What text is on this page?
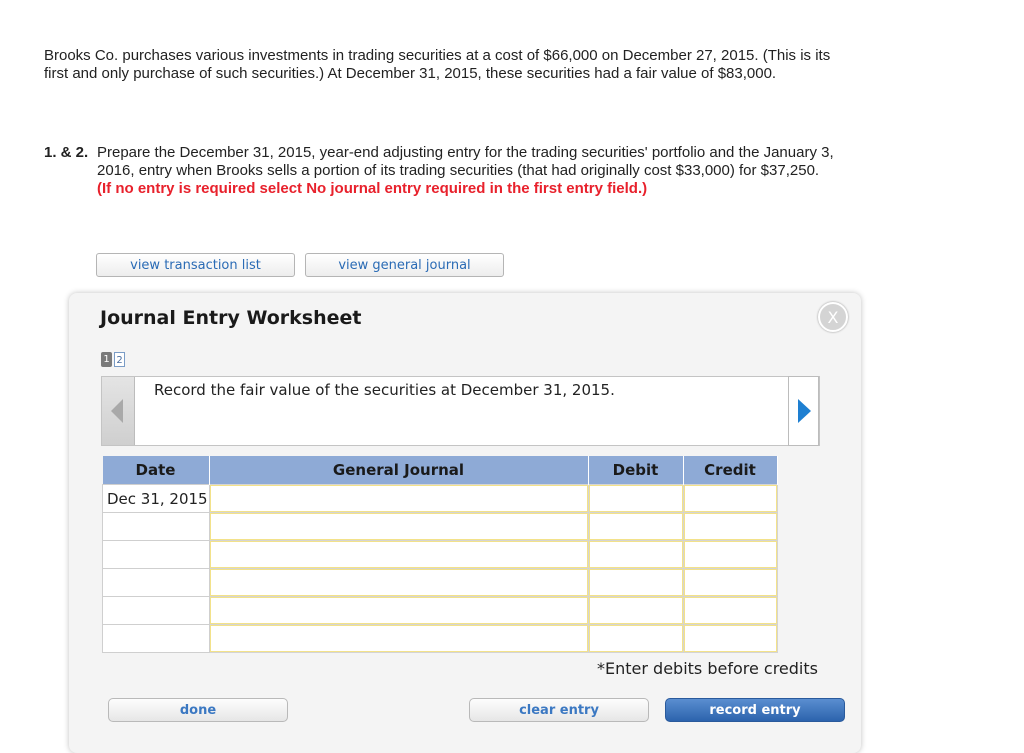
Brooks Co. purchases various investments in trading securities at a cost of $66,000 on December 27, 2015. (This is its first and only purchase of such securities.) At December 31, 2015, these securities had a fair value of $83,000.
1. & 2. Prepare the December 31, 2015, year-end adjusting entry for the trading securities' portfolio and the January 3, 2016, entry when Brooks sells a portion of its trading securities (that had originally cost $33,000) for $37,250. (If no entry is required select No journal entry required in the first entry field.)
view transaction list	view general journal
Journal Entry Worksheet	X
1 2
Record the fair value of the securities at December 31, 2015.
Date	General Journal	Debit	Credit
Dec 31, 2015			

*Enter debits before credits
done	clear entry	record entry
